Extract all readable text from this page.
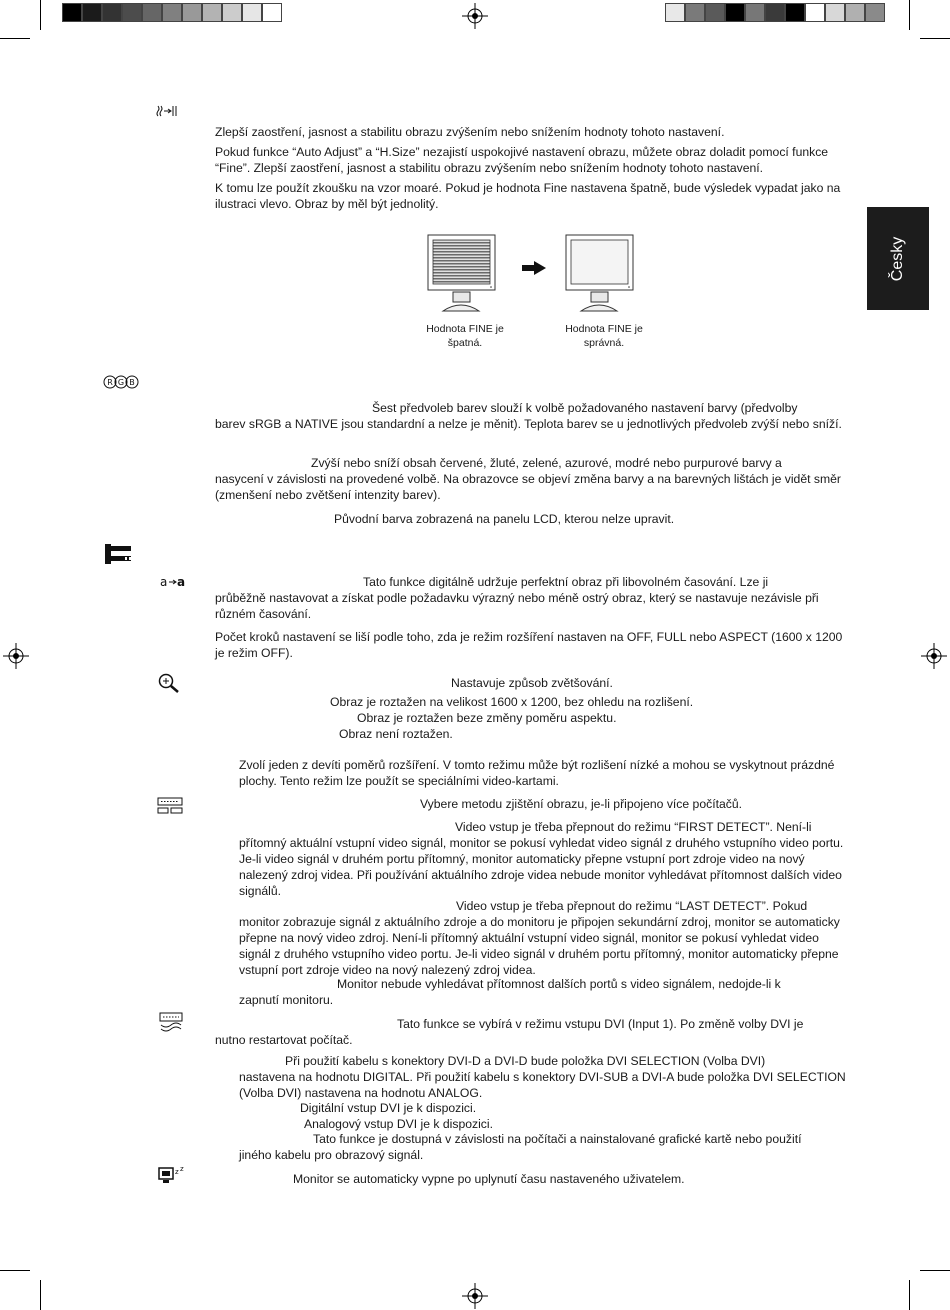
Česky
R G B
a a
z z

Zlepší zaostření, jasnost a stabilitu obrazu zvýšením nebo snížením hodnoty tohoto nastavení.

Pokud funkce “Auto Adjust” a “H.Size” nezajistí uspokojivé nastavení obrazu, můžete obraz doladit pomocí funkce “Fine”. Zlepší zaostření, jasnost a stabilitu obrazu zvýšením nebo snížením hodnoty tohoto nastavení.

K tomu lze použít zkoušku na vzor moaré. Pokud je hodnota Fine nastavena špatně, bude výsledek vypadat jako na ilustraci vlevo. Obraz by měl být jednolitý.

Hodnota FINE je
špatná.
Hodnota FINE je
správná.
Šest předvoleb barev slouží k volbě požadovaného nastavení barvy (předvolby

barev sRGB a NATIVE jsou standardní a nelze je měnit). Teplota barev se u jednotlivých předvoleb zvýší nebo sníží.

Zvýší nebo sníží obsah červené, žluté, zelené, azurové, modré nebo purpurové barvy a

nasycení v závislosti na provedené volbě. Na obrazovce se objeví změna barvy a na barevných lištách je vidět směr (zmenšení nebo zvětšení intenzity barev).

Původní barva zobrazená na panelu LCD, kterou nelze upravit.
Tato funkce digitálně udržuje perfektní obraz při libovolném časování. Lze ji

průběžně nastavovat a získat podle požadavku výrazný nebo méně ostrý obraz, který se nastavuje nezávisle při různém časování.

Počet kroků nastavení se liší podle toho, zda je režim rozšíření nastaven na OFF, FULL nebo ASPECT (1600 x 1200 je režim OFF).

Nastavuje způsob zvětšování.
Obraz je roztažen na velikost 1600 x 1200, bez ohledu na rozlišení.
Obraz je roztažen beze změny poměru aspektu.
Obraz není roztažen.

Zvolí jeden z devíti poměrů rozšíření. V tomto režimu může být rozlišení nízké a mohou se vyskytnout prázdné plochy. Tento režim lze použít se speciálními video-kartami.

Vybere metodu zjištění obrazu, je-li připojeno více počítačů.
Video vstup je třeba přepnout do režimu “FIRST DETECT”. Není-li

přítomný aktuální vstupní video signál, monitor se pokusí vyhledat video signál z druhého vstupního video portu. Je-li video signál v druhém portu přítomný, monitor automaticky přepne vstupní port zdroje video na nový nalezený zdroj videa. Při používání aktuálního zdroje videa nebude monitor vyhledávat přítomnost dalších video signálů.

Video vstup je třeba přepnout do režimu “LAST DETECT”. Pokud

monitor zobrazuje signál z aktuálního zdroje a do monitoru je připojen sekundární zdroj, monitor se automaticky přepne na nový video zdroj. Není-li přítomný aktuální vstupní video signál, monitor se pokusí vyhledat video signál z druhého vstupního video portu. Je-li video signál v druhém portu přítomný, monitor automaticky přepne vstupní port zdroje video na nový nalezený zdroj videa.

Monitor nebude vyhledávat přítomnost dalších portů s video signálem, nedojde-li k

zapnutí monitoru.

Tato funkce se vybírá v režimu vstupu DVI (Input 1). Po změně volby DVI je

nutno restartovat počítač.

Při použití kabelu s konektory DVI-D a DVI-D bude položka DVI SELECTION (Volba DVI)

nastavena na hodnotu DIGITAL. Při použití kabelu s konektory DVI-SUB a DVI-A bude položka DVI SELECTION (Volba DVI) nastavena na hodnotu ANALOG.

Digitální vstup DVI je k dispozici.
Analogový vstup DVI je k dispozici.
Tato funkce je dostupná v závislosti na počítači a nainstalované grafické kartě nebo použití

jiného kabelu pro obrazový signál.

Monitor se automaticky vypne po uplynutí času nastaveného uživatelem.
